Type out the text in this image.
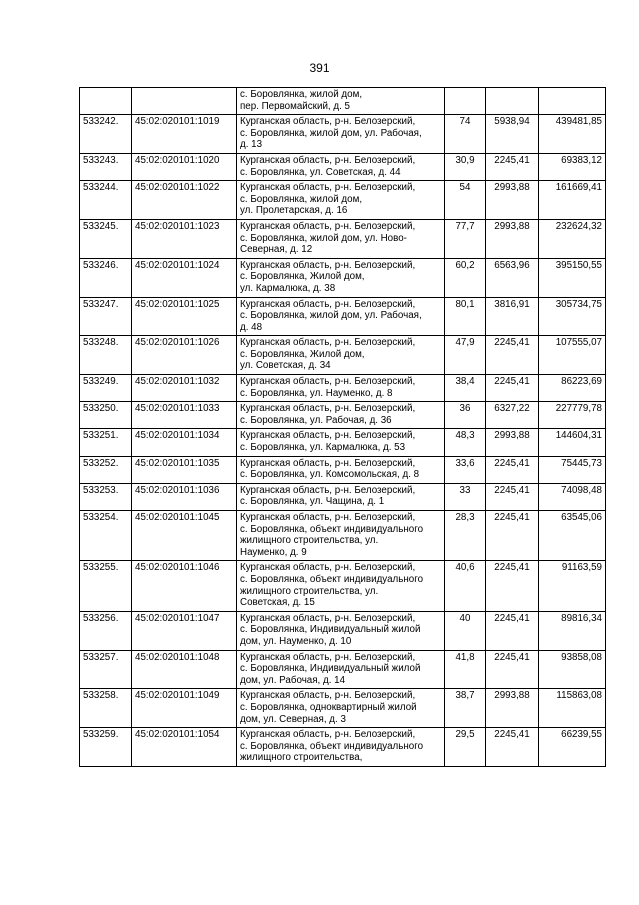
391

		с. Боровлянка, жилой дом,
пер. Первомайский, д. 5			

533242.	45:02:020101:1019	Курганская область, р-н. Белозерский,
с. Боровлянка, жилой дом, ул. Рабочая,
д. 13	74	5938,94	439481,85
533243.	45:02:020101:1020	Курганская область, р-н. Белозерский,
с. Боровлянка, ул. Советская, д. 44	30,9	2245,41	69383,12
533244.	45:02:020101:1022	Курганская область, р-н. Белозерский,
с. Боровлянка, жилой дом,
ул. Пролетарская, д. 16	54	2993,88	161669,41
533245.	45:02:020101:1023	Курганская область, р-н. Белозерский,
с. Боровлянка, жилой дом, ул. Ново-
Северная, д. 12	77,7	2993,88	232624,32
533246.	45:02:020101:1024	Курганская область, р-н. Белозерский,
с. Боровлянка, Жилой дом,
ул. Кармалюка, д. 38	60,2	6563,96	395150,55
533247.	45:02:020101:1025	Курганская область, р-н. Белозерский,
с. Боровлянка, жилой дом, ул. Рабочая,
д. 48	80,1	3816,91	305734,75
533248.	45:02:020101:1026	Курганская область, р-н. Белозерский,
с. Боровлянка, Жилой дом,
ул. Советская, д. 34	47,9	2245,41	107555,07
533249.	45:02:020101:1032	Курганская область, р-н. Белозерский,
с. Боровлянка, ул. Науменко, д. 8	38,4	2245,41	86223,69
533250.	45:02:020101:1033	Курганская область, р-н. Белозерский,
с. Боровлянка, ул. Рабочая, д. 36	36	6327,22	227779,78
533251.	45:02:020101:1034	Курганская область, р-н. Белозерский,
с. Боровлянка, ул. Кармалюка, д. 53	48,3	2993,88	144604,31
533252.	45:02:020101:1035	Курганская область, р-н. Белозерский,
с. Боровлянка, ул. Комсомольская, д. 8	33,6	2245,41	75445,73
533253.	45:02:020101:1036	Курганская область, р-н. Белозерский,
с. Боровлянка, ул. Чащина, д. 1	33	2245,41	74098,48
533254.	45:02:020101:1045	Курганская область, р-н. Белозерский,
с. Боровлянка, объект индивидуального
жилищного строительства, ул.
Науменко, д. 9	28,3	2245,41	63545,06
533255.	45:02:020101:1046	Курганская область, р-н. Белозерский,
с. Боровлянка, объект индивидуального
жилищного строительства, ул.
Советская, д. 15	40,6	2245,41	91163,59
533256.	45:02:020101:1047	Курганская область, р-н. Белозерский,
с. Боровлянка, Индивидуальный жилой
дом, ул. Науменко, д. 10	40	2245,41	89816,34
533257.	45:02:020101:1048	Курганская область, р-н. Белозерский,
с. Боровлянка, Индивидуальный жилой
дом, ул. Рабочая, д. 14	41,8	2245,41	93858,08
533258.	45:02:020101:1049	Курганская область, р-н. Белозерский,
с. Боровлянка, одноквартирный жилой
дом, ул. Северная, д. 3	38,7	2993,88	115863,08
533259.	45:02:020101:1054	Курганская область, р-н. Белозерский,
с. Боровлянка, объект индивидуального
жилищного строительства,	29,5	2245,41	66239,55
